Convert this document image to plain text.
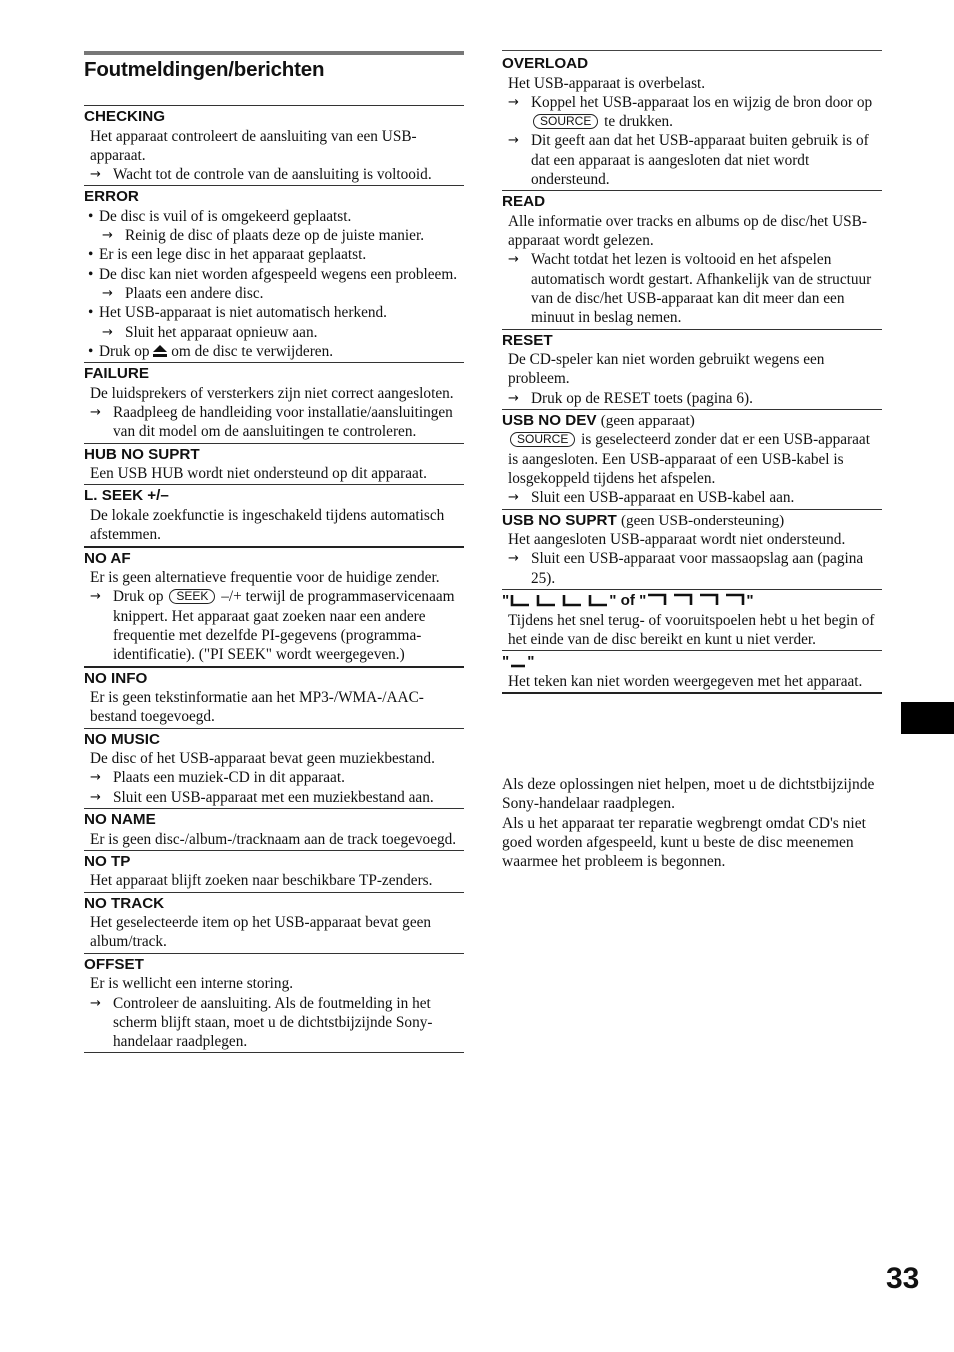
Foutmeldingen/berichten
CHECKING
Het apparaat controleert de aansluiting van een USB-apparaat.
→ Wacht tot de controle van de aansluiting is voltooid.
ERROR
• De disc is vuil of is omgekeerd geplaatst.
→ Reinig de disc of plaats deze op de juiste manier.
• Er is een lege disc in het apparaat geplaatst.
• De disc kan niet worden afgespeeld wegens een probleem.
→ Plaats een andere disc.
• Het USB-apparaat is niet automatisch herkend.
→ Sluit het apparaat opnieuw aan.
• Druk op om de disc te verwijderen.
FAILURE
De luidsprekers of versterkers zijn niet correct aangesloten.
→ Raadpleeg de handleiding voor installatie/aansluitingen van dit model om de aansluitingen te controleren.
HUB NO SUPRT
Een USB HUB wordt niet ondersteund op dit apparaat.
L. SEEK +/–
De lokale zoekfunctie is ingeschakeld tijdens automatisch afstemmen.
NO AF
Er is geen alternatieve frequentie voor de huidige zender.
→ Druk op SEEK –/+ terwijl de programmaservicenaam knippert. Het apparaat gaat zoeken naar een andere frequentie met dezelfde PI-gegevens (programma-identificatie). ("PI SEEK" wordt weergegeven.)
NO INFO
Er is geen tekstinformatie aan het MP3-/WMA-/AAC-bestand toegevoegd.
NO MUSIC
De disc of het USB-apparaat bevat geen muziekbestand.
→ Plaats een muziek-CD in dit apparaat.
→ Sluit een USB-apparaat met een muziekbestand aan.
NO NAME
Er is geen disc-/album-/tracknaam aan de track toegevoegd.
NO TP
Het apparaat blijft zoeken naar beschikbare TP-zenders.
NO TRACK
Het geselecteerde item op het USB-apparaat bevat geen album/track.
OFFSET
Er is wellicht een interne storing.
→ Controleer de aansluiting. Als de foutmelding in het scherm blijft staan, moet u de dichtstbijzijnde Sony-handelaar raadplegen.
OVERLOAD
Het USB-apparaat is overbelast.
→ Koppel het USB-apparaat los en wijzig de bron door op SOURCE te drukken.
→ Dit geeft aan dat het USB-apparaat buiten gebruik is of dat een apparaat is aangesloten dat niet wordt ondersteund.
READ
Alle informatie over tracks en albums op de disc/het USB-apparaat wordt gelezen.
→ Wacht totdat het lezen is voltooid en het afspelen automatisch wordt gestart. Afhankelijk van de structuur van de disc/het USB-apparaat kan dit meer dan een minuut in beslag nemen.
RESET
De CD-speler kan niet worden gebruikt wegens een probleem.
→ Druk op de RESET toets (pagina 6).
USB NO DEV (geen apparaat)
SOURCE is geselecteerd zonder dat er een USB-apparaat is aangesloten. Een USB-apparaat of een USB-kabel is losgekoppeld tijdens het afspelen.
→ Sluit een USB-apparaat en USB-kabel aan.
USB NO SUPRT (geen USB-ondersteuning)
Het aangesloten USB-apparaat wordt niet ondersteund.
→ Sluit een USB-apparaat voor massaopslag aan (pagina 25).
"	" of "	"
Tijdens het snel terug- of vooruitspoelen hebt u het begin of het einde van de disc bereikt en kunt u niet verder.
" "
Het teken kan niet worden weergegeven met het apparaat.
Als deze oplossingen niet helpen, moet u de dichtstbijzijnde Sony-handelaar raadplegen.
Als u het apparaat ter reparatie wegbrengt omdat CD's niet goed worden afgespeeld, kunt u beste de disc meenemen waarmee het probleem is begonnen.
33
